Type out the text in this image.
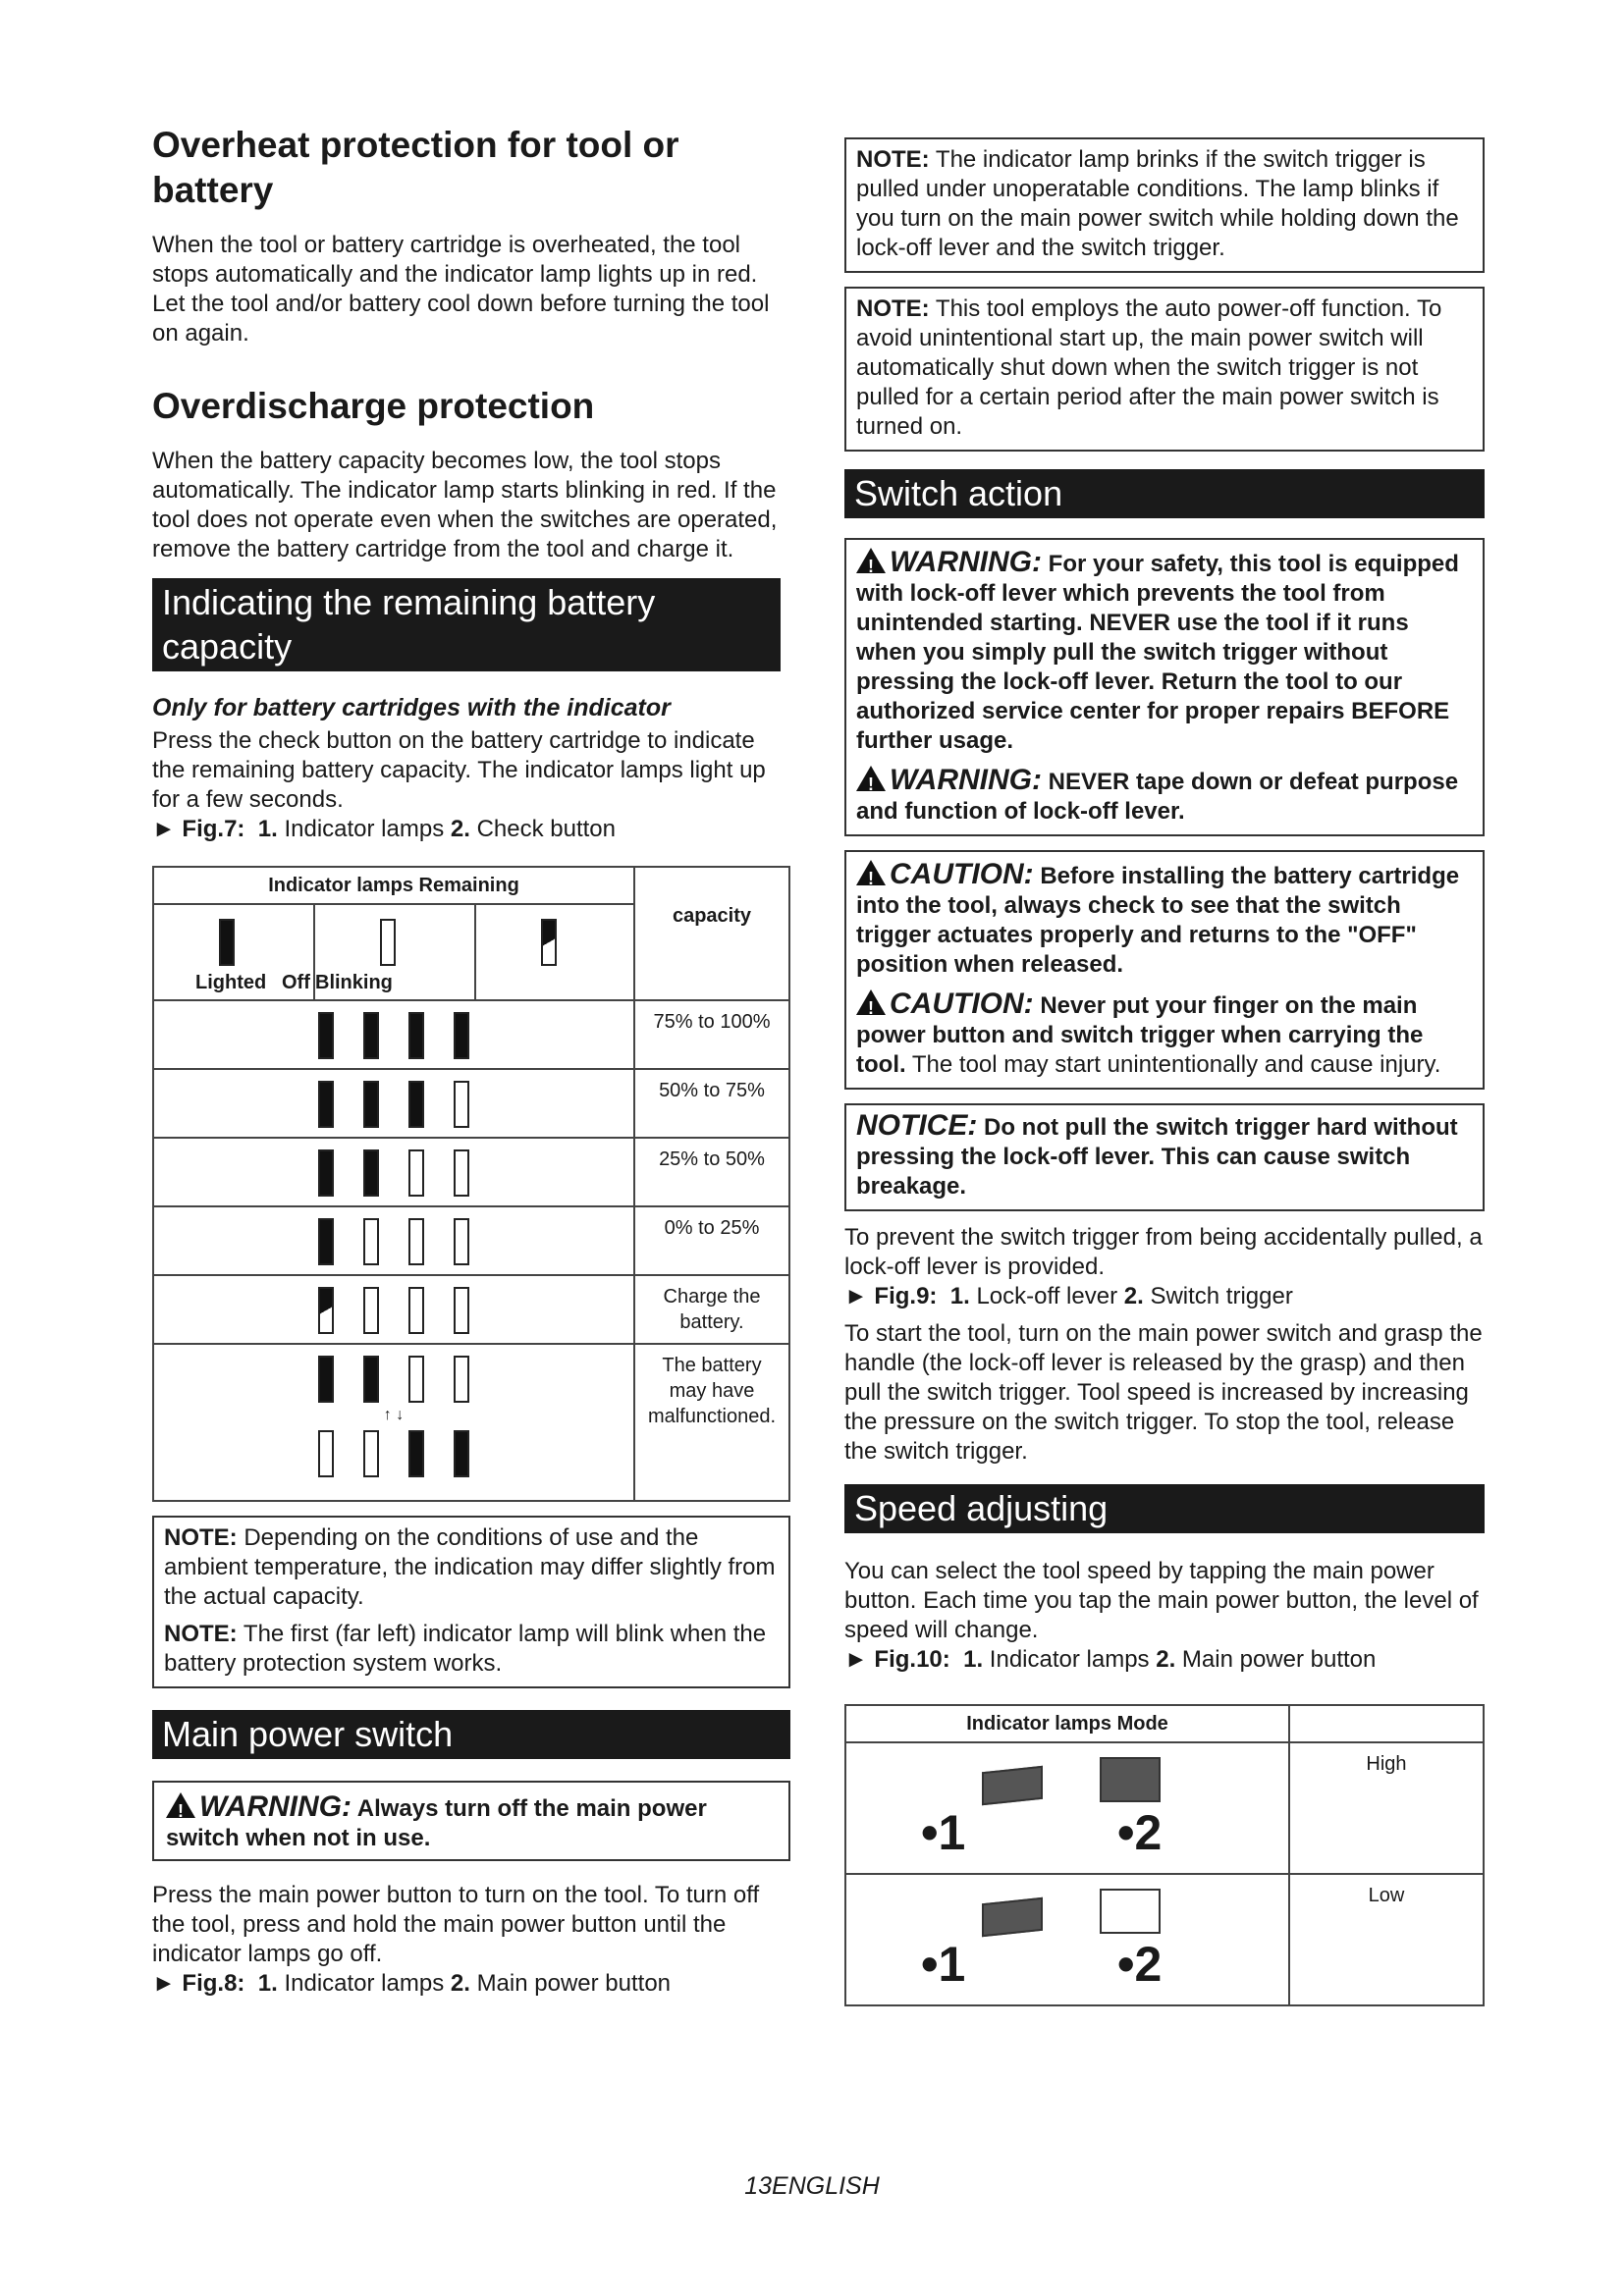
Overheat protection for tool or battery

When the tool or battery cartridge is overheated, the tool stops automatically and the indicator lamp lights up in red. Let the tool and/or battery cool down before turning the tool on again.

Overdischarge protection

When the battery capacity becomes low, the tool stops automatically. The indicator lamp starts blinking in red. If the tool does not operate even when the switches are operated, remove the battery cartridge from the tool and charge it.

Indicating the remaining battery capacity

Only for battery cartridges with the indicator

Press the check button on the battery cartridge to indicate the remaining battery capacity. The indicator lamps light up for a few seconds.

► Fig.7: 1. Indicator lamps 2. Check button

Indicator lamps Remaining
Lighted Off Blinking	capacity

	75% to 100%

	50% to 75%

	25% to 50%

	0% to 25%

	Charge the battery.

↑ ↓	The battery may have malfunctioned.

NOTE: Depending on the conditions of use and the ambient temperature, the indication may differ slightly from the actual capacity.

NOTE: The first (far left) indicator lamp will blink when the battery protection system works.

Main power switch

!WARNING: Always turn off the main power switch when not in use.

Press the main power button to turn on the tool. To turn off the tool, press and hold the main power button until the indicator lamps go off.

► Fig.8: 1. Indicator lamps 2. Main power button

NOTE: The indicator lamp brinks if the switch trigger is pulled under unoperatable conditions. The lamp blinks if you turn on the main power switch while holding down the lock-off lever and the switch trigger.

NOTE: This tool employs the auto power-off function. To avoid unintentional start up, the main power switch will automatically shut down when the switch trigger is not pulled for a certain period after the main power switch is turned on.

Switch action

!WARNING: For your safety, this tool is equipped with lock-off lever which prevents the tool from unintended starting. NEVER use the tool if it runs when you simply pull the switch trigger without pressing the lock-off lever. Return the tool to our authorized service center for proper repairs BEFORE further usage.

!WARNING: NEVER tape down or defeat purpose and function of lock-off lever.

!CAUTION: Before installing the battery cartridge into the tool, always check to see that the switch trigger actuates properly and returns to the "OFF" position when released.

!CAUTION: Never put your finger on the main power button and switch trigger when carrying the tool. The tool may start unintentionally and cause injury.

NOTICE: Do not pull the switch trigger hard without pressing the lock-off lever. This can cause switch breakage.

To prevent the switch trigger from being accidentally pulled, a lock-off lever is provided.

► Fig.9: 1. Lock-off lever 2. Switch trigger

To start the tool, turn on the main power switch and grasp the handle (the lock-off lever is released by the grasp) and then pull the switch trigger. Tool speed is increased by increasing the pressure on the switch trigger. To stop the tool, release the switch trigger.

Speed adjusting

You can select the tool speed by tapping the main power button. Each time you tap the main power button, the level of speed will change.

► Fig.10: 1. Indicator lamps 2. Main power button

Indicator lamps Mode	

•1 •2	High

•1 •2	Low
13ENGLISH
